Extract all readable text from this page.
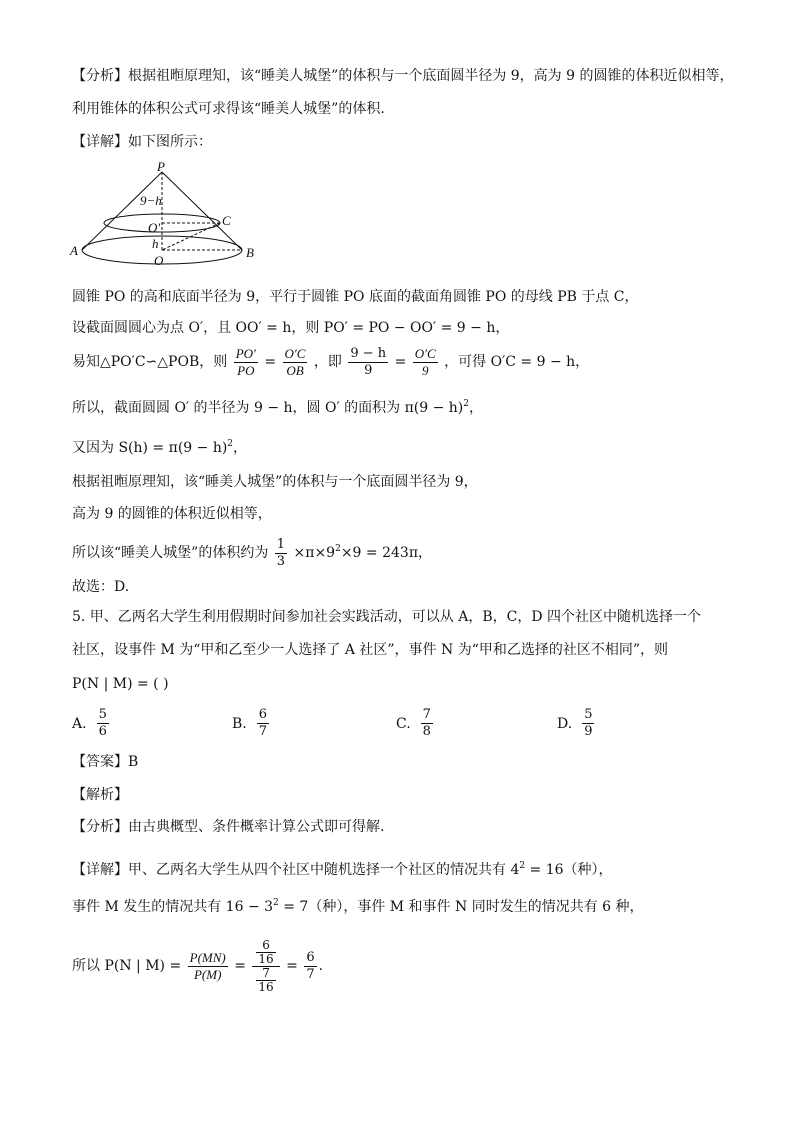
【分析】根据祖暅原理知，该“睡美人城堡”的体积与一个底面圆半径为 9，高为 9 的圆锥的体积近似相等，
利用锥体的体积公式可求得该“睡美人城堡”的体积.
【详解】如下图所示：
P
A	B
C
O
O′
9−h
h
圆锥 PO 的高和底面半径为 9，平行于圆锥 PO 底面的截面角圆锥 PO 的母线 PB 于点 C，
设截面圆圆心为点 O′，且 OO′ = h，则 PO′ = PO − OO′ = 9 − h，
易知△PO′C∽△POB，则 $\frac{PO'}{PO} = \frac{O'C}{OB}$ ，即 $\frac{9 - h}{9} = \frac{O'C}{9}$ ，可得 O′C = 9 − h，
所以，截面圆圆 O′ 的半径为 9 − h，圆 O′ 的面积为 $\pi(9 - h)^2$，
又因为 $S(h) = \pi(9 - h)^2$，
根据祖暅原理知，该“睡美人城堡”的体积与一个底面圆半径为 9，
高为 9 的圆锥的体积近似相等，
所以该“睡美人城堡”的体积约为 $\frac{1}{3} \times\pi\times 9^2\times 9 = 243\pi$，
故选：D.
5. 甲、乙两名大学生利用假期时间参加社会实践活动，可以从 A，B，C，D 四个社区中随机选择一个
社区，设事件 M 为“甲和乙至少一人选择了 A 社区”，事件 N 为“甲和乙选择的社区不相同”，则
P(N | M) = ( )
A. $\frac{5}{6}$	B. $\frac{6}{7}$	C. $\frac{7}{8}$	D. $\frac{5}{9}$
【答案】B
【解析】
【分析】由古典概型、条件概率计算公式即可得解.
【详解】甲、乙两名大学生从四个社区中随机选择一个社区的情况共有 $4^2 = 16$（种），
事件 M 发生的情况共有 $16 - 3^2 = 7$（种），事件 M 和事件 N 同时发生的情况共有 6 种，
所以 P(N | $M) = \frac{P(MN)}{P(M)} = \frac{\frac{6}{16}}{\frac{7}{16}} = \frac{6}{7}$ .
